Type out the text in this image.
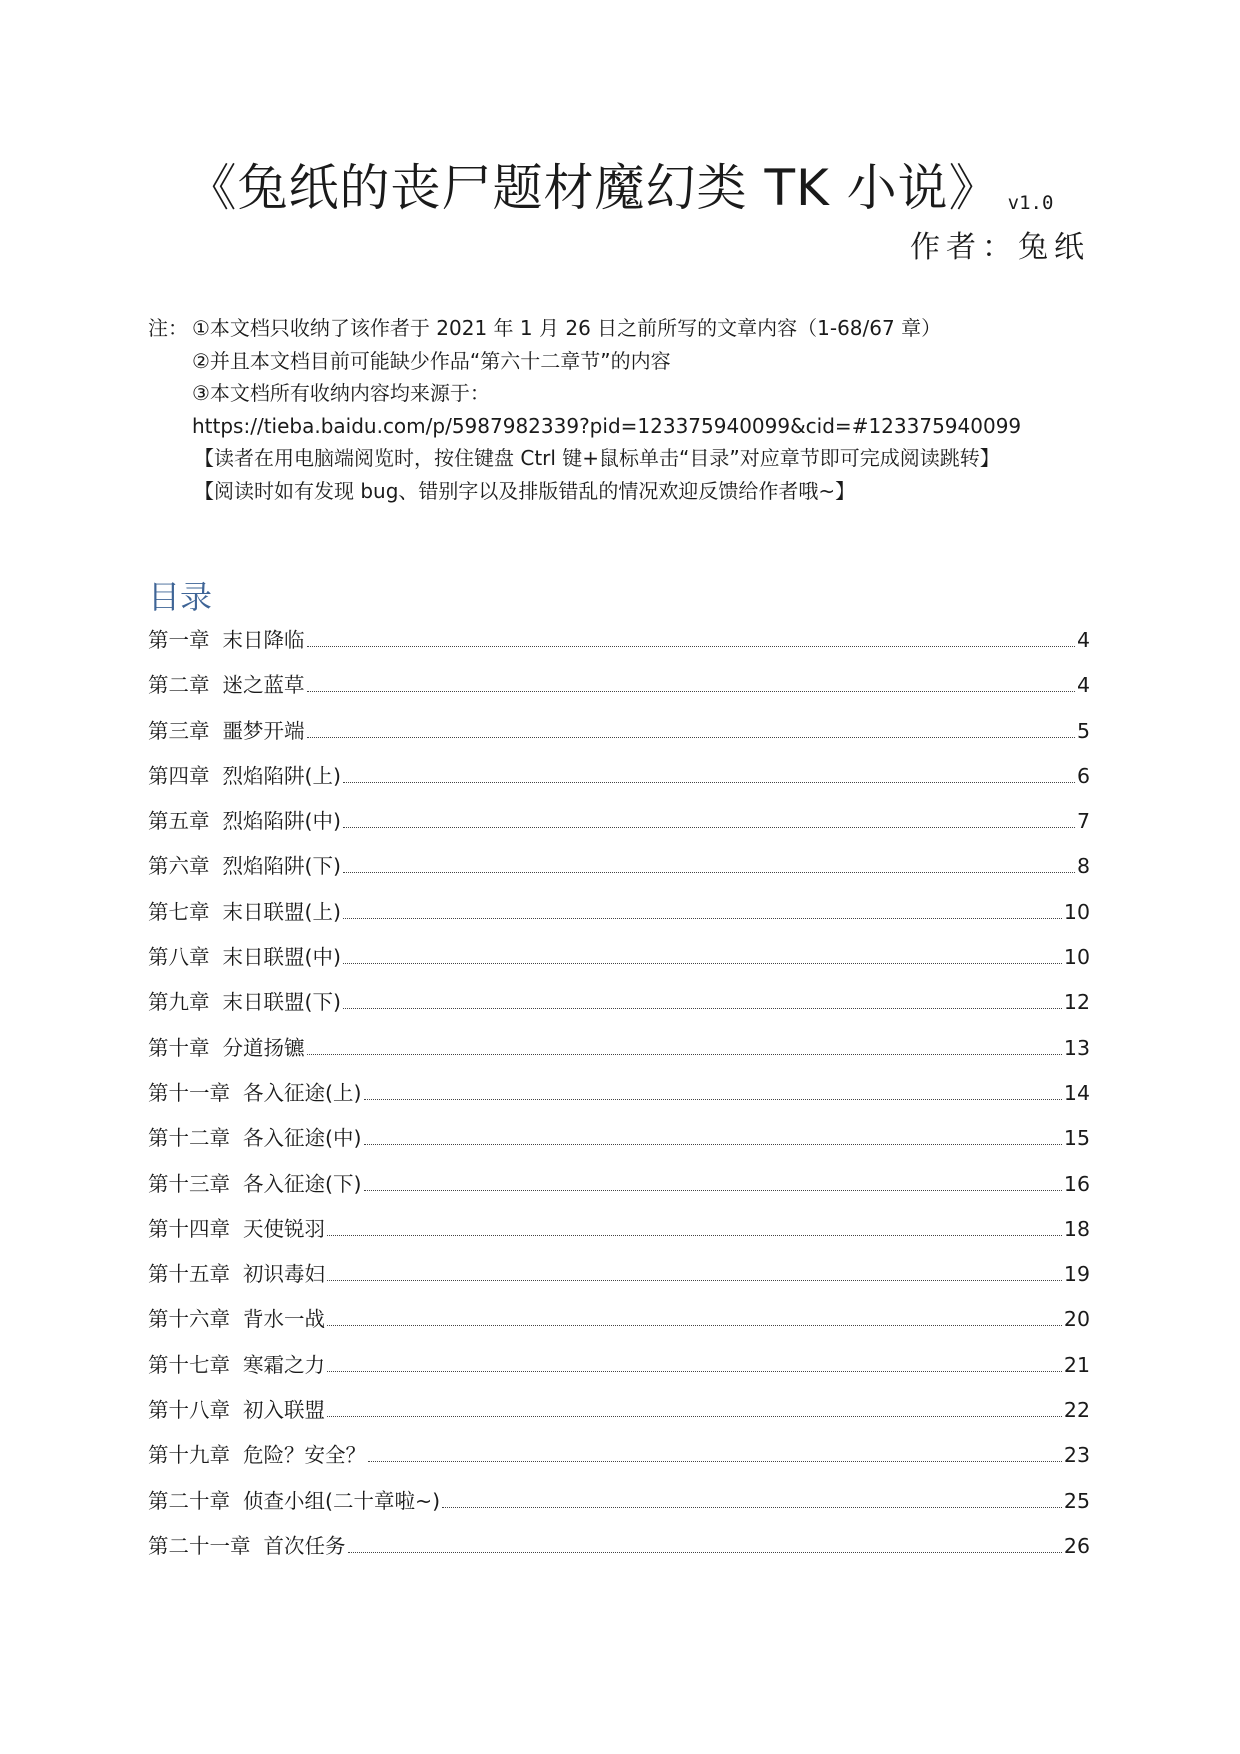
《兔纸的丧尸题材魔幻类 TK 小说》 v1.0
作者：兔纸
注： ①本文档只收纳了该作者于 2021 年 1 月 26 日之前所写的文章内容（1-68/67 章）
②并且本文档目前可能缺少作品“第六十二章节”的内容
③本文档所有收纳内容均来源于：
https://tieba.baidu.com/p/5987982339?pid=123375940099&cid=#123375940099
【读者在用电脑端阅览时，按住键盘 Ctrl 键+鼠标单击“目录”对应章节即可完成阅读跳转】
【阅读时如有发现 bug、错别字以及排版错乱的情况欢迎反馈给作者哦~】
目录
第一章 末日降临	4
第二章 迷之蓝草	4
第三章 噩梦开端	5
第四章 烈焰陷阱(上)	6
第五章 烈焰陷阱(中)	7
第六章 烈焰陷阱(下)	8
第七章 末日联盟(上)	10
第八章 末日联盟(中)	10
第九章 末日联盟(下)	12
第十章 分道扬镳	13
第十一章 各入征途(上)	14
第十二章 各入征途(中)	15
第十三章 各入征途(下)	16
第十四章 天使锐羽	18
第十五章 初识毒妇	19
第十六章 背水一战	20
第十七章 寒霜之力	21
第十八章 初入联盟	22
第十九章 危险？安全？	23
第二十章 侦查小组(二十章啦~)	25
第二十一章 首次任务	26
